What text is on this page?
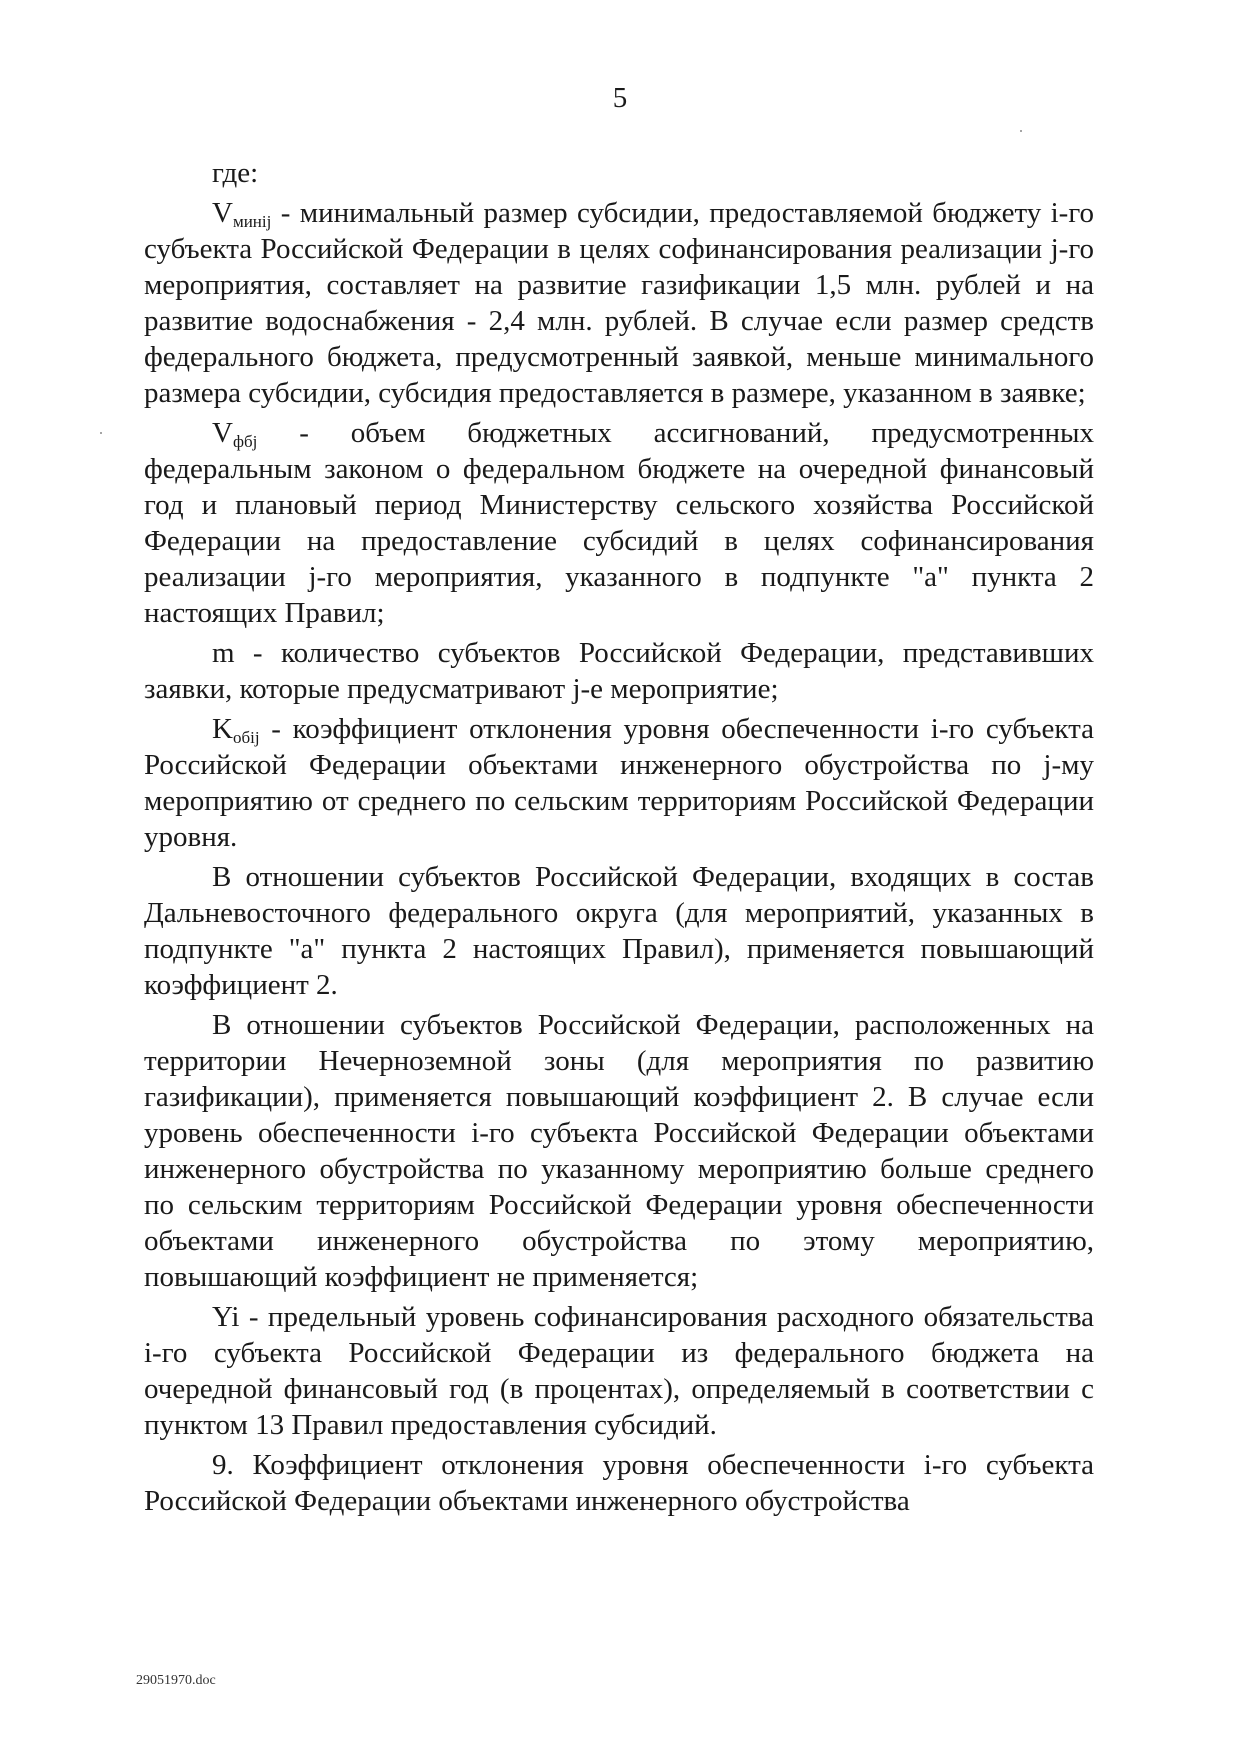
5

где:

$V_{минij}$ - минимальный размер субсидии, предоставляемой бюджету i-го субъекта Российской Федерации в целях софинансирования реализации j-го мероприятия, составляет на развитие газификации 1,5 млн. рублей и на развитие водоснабжения - 2,4 млн. рублей. В случае если размер средств федерального бюджета, предусмотренный заявкой, меньше минимального размера субсидии, субсидия предоставляется в размере, указанном в заявке;

$V_{фбj}$ - объем бюджетных ассигнований, предусмотренных федеральным законом о федеральном бюджете на очередной финансовый год и плановый период Министерству сельского хозяйства Российской Федерации на предоставление субсидий в целях софинансирования реализации j-го мероприятия, указанного в подпункте "а" пункта 2 настоящих Правил;

m - количество субъектов Российской Федерации, представивших заявки, которые предусматривают j-е мероприятие;

$K_{обij}$ - коэффициент отклонения уровня обеспеченности i-го субъекта Российской Федерации объектами инженерного обустройства по j-му мероприятию от среднего по сельским территориям Российской Федерации уровня.

В отношении субъектов Российской Федерации, входящих в состав Дальневосточного федерального округа (для мероприятий, указанных в подпункте "а" пункта 2 настоящих Правил), применяется повышающий коэффициент 2.

В отношении субъектов Российской Федерации, расположенных на территории Нечерноземной зоны (для мероприятия по развитию газификации), применяется повышающий коэффициент 2. В случае если уровень обеспеченности i-го субъекта Российской Федерации объектами инженерного обустройства по указанному мероприятию больше среднего по сельским территориям Российской Федерации уровня обеспеченности объектами инженерного обустройства по этому мероприятию, повышающий коэффициент не применяется;

Yi - предельный уровень софинансирования расходного обязательства i-го субъекта Российской Федерации из федерального бюджета на очередной финансовый год (в процентах), определяемый в соответствии с пунктом 13 Правил предоставления субсидий.

9. Коэффициент отклонения уровня обеспеченности i-го субъекта Российской Федерации объектами инженерного обустройства

29051970.doc
